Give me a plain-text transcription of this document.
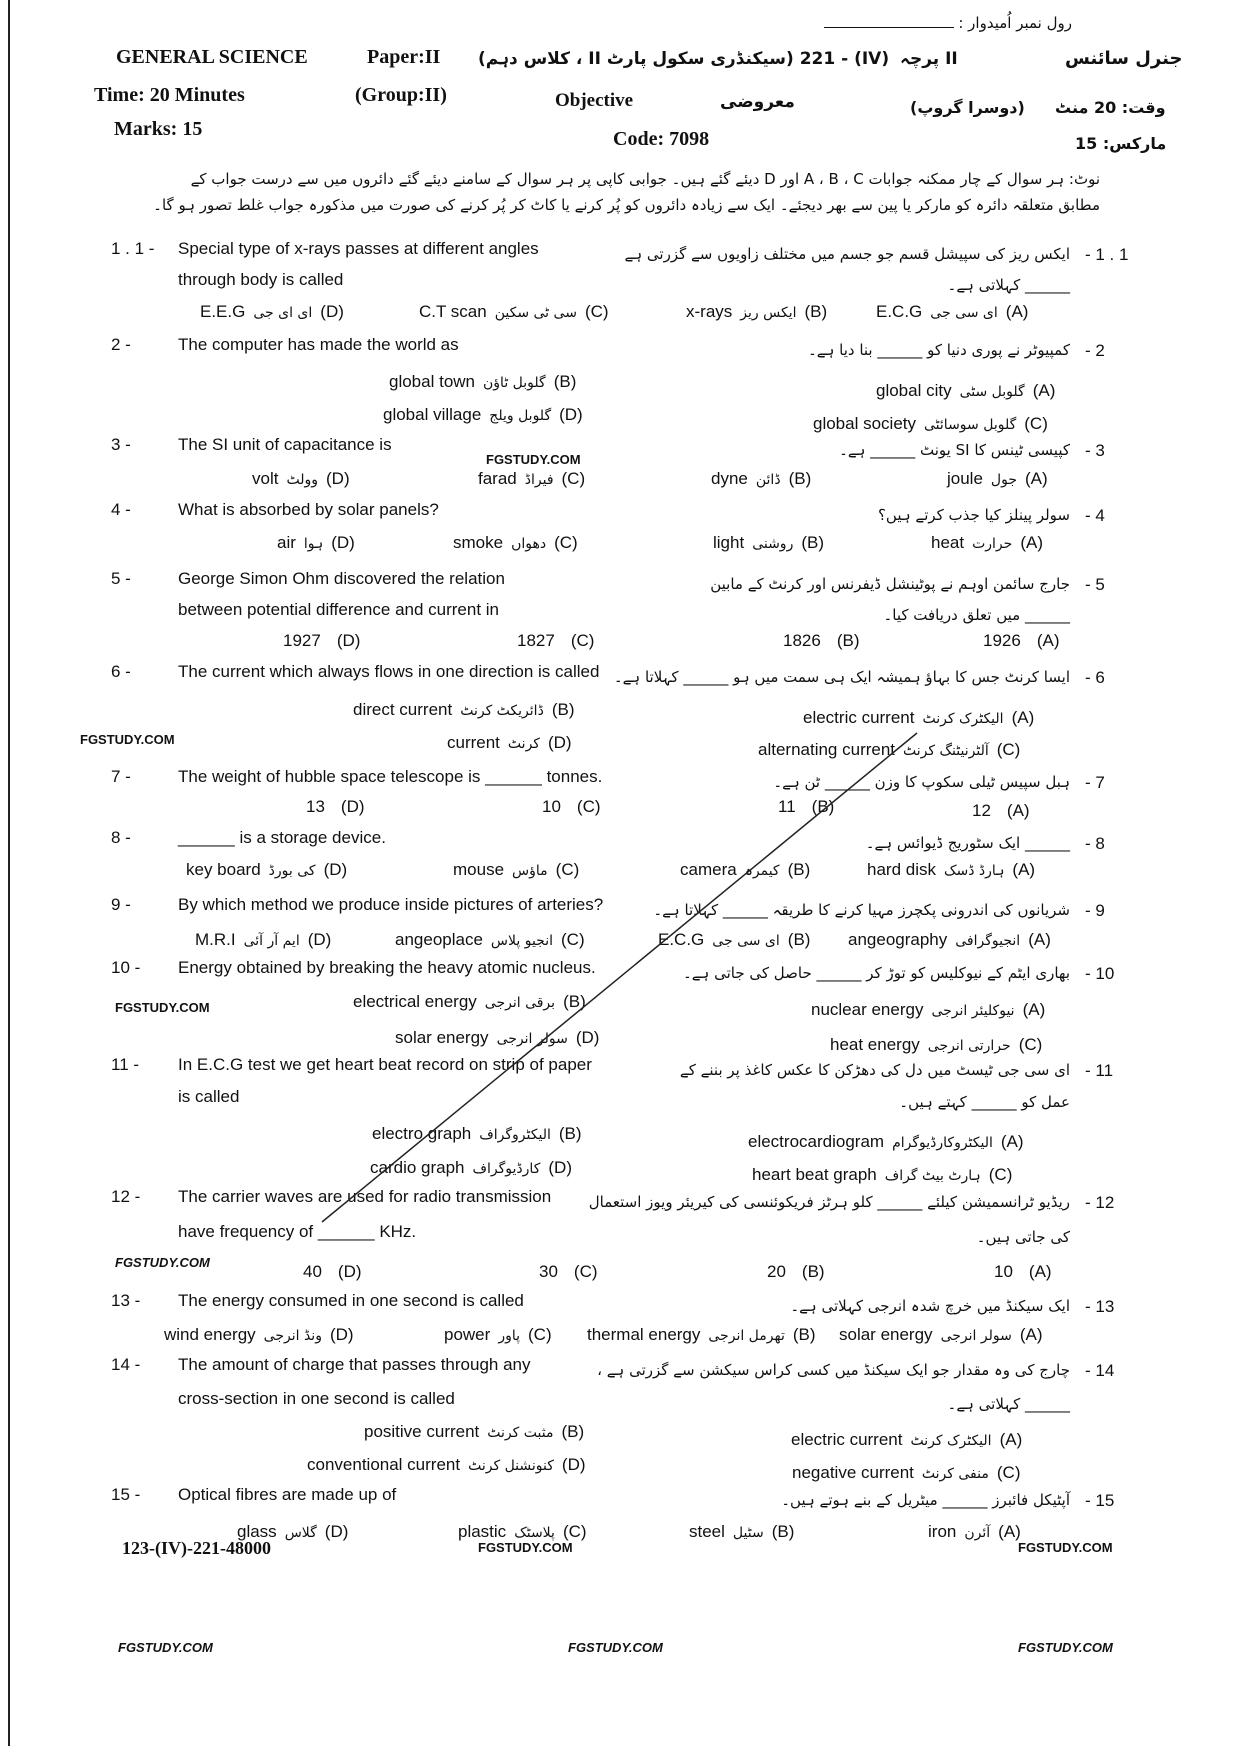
رول نمبر اُمیدوار :
GENERAL SCIENCE	Paper:II (IV) - 221 (سیکنڈری سکول پارٹ II ، کلاس دہم) II پرچہ	جنرل سائنس
Time: 20 Minutes	(Group:II)	Objective	معروضی	(دوسرا گروپ) وقت: 20 منٹ
Marks: 15	Code: 7098	مارکس: 15
نوٹ: ہر سوال کے چار ممکنہ جوابات A ، B ، C اور D دیئے گئے ہیں۔ جوابی کاپی پر ہر سوال کے سامنے دیئے گئے دائروں میں سے درست جواب کے
مطابق متعلقہ دائرہ کو مارکر یا پین سے بھر دیجئے۔ ایک سے زیادہ دائروں کو پُر کرنے یا کاٹ کر پُر کرنے کی صورت میں مذکورہ جواب غلط تصور ہو گا۔
1 . 1 - Special type of x-rays passes at different angles
through body is called
- 1 . 1
ایکس ریز کی سپیشل قسم جو جسم میں مختلف زاویوں سے گزرتی ہے
______ کہلاتی ہے۔
E.E.G ای ای جی (D)	C.T scan سی ٹی سکین (C)	x-rays ایکس ریز (B)	E.C.G ای سی جی (A)
2 -	The computer has made the world as	- 2
کمپیوٹر نے پوری دنیا کو ______ بنا دیا ہے۔
global town گلوبل ٹاؤن (B)
global village گلوبل ویلج (D)
global city گلوبل سٹی (A)
global society گلوبل سوسائٹی (C)
3 -	The SI unit of capacitance is	- 3
کپیسی ٹینس کا SI یونٹ ______ ہے۔
volt وولٹ (D)	farad فیراڈ (C)	dyne ڈائن (B)	joule جول (A)
4 -	What is absorbed by solar panels?	- 4
سولر پینلز کیا جذب کرتے ہیں؟
air ہوا (D)	smoke دھواں (C)	light روشنی (B)	heat حرارت (A)
5 -	George Simon Ohm discovered the relation
between potential difference and current in
- 5
جارج سائمن اوہم نے پوٹینشل ڈیفرنس اور کرنٹ کے مابین
______ میں تعلق دریافت کیا۔
1927 (D)	1827 (C)	1826 (B)	1926 (A)
6 -	The current which always flows in one direction is called	- 6
ایسا کرنٹ جس کا بہاؤ ہمیشہ ایک ہی سمت میں ہو ______ کہلاتا ہے۔
direct current ڈائریکٹ کرنٹ (B)
current کرنٹ (D)
electric current الیکٹرک کرنٹ (A)
alternating current آلٹرنیٹنگ کرنٹ (C)
7 -	The weight of hubble space telescope is ______ tonnes.	- 7
ہبل سپیس ٹیلی سکوپ کا وزن ______ ٹن ہے۔
13 (D)	10 (C)	11 (B)	12 (A)
8 -	______ is a storage device.	- 8
______ ایک سٹوریج ڈیوائس ہے۔
key board کی بورڈ (D)	mouse ماؤس (C)	camera کیمرہ (B)	hard disk ہارڈ ڈسک (A)
9 -	By which method we produce inside pictures of arteries?	- 9
شریانوں کی اندرونی پکچرز مہیا کرنے کا طریقہ ______ کہلاتا ہے۔
M.R.I ایم آر آئی (D)	angeoplace انجیو پلاس (C)	E.C.G ای سی جی (B) angeography انجیوگرافی (A)
10 - Energy obtained by breaking the heavy atomic nucleus.	- 10
بھاری ایٹم کے نیوکلیس کو توڑ کر ______ حاصل کی جاتی ہے۔
electrical energy برقی انرجی (B)
solar energy سولر انرجی (D)
nuclear energy نیوکلیئر انرجی (A)
heat energy حرارتی انرجی (C)
11 - In E.C.G test we get heart beat record on strip of paper
is called
- 11
ای سی جی ٹیسٹ میں دل کی دھڑکن کا عکس کاغذ پر بننے کے
عمل کو ______ کہتے ہیں۔
electro graph الیکٹروگراف (B)
cardio graph کارڈیوگراف (D)
electrocardiogram الیکٹروکارڈیوگرام (A)
heart beat graph ہارٹ بیٹ گراف (C)
12 - The carrier waves are used for radio transmission
have frequency of ______ KHz.
- 12
ریڈیو ٹرانسمیشن کیلئے ______ کلو ہرٹز فریکوئنسی کی کیریئر ویوز استعمال
کی جاتی ہیں۔
40 (D)	30 (C)	20 (B)	10 (A)
13 - The energy consumed in one second is called	- 13
ایک سیکنڈ میں خرچ شدہ انرجی کہلاتی ہے۔
wind energy ونڈ انرجی (D)	power پاور (C) thermal energy تھرمل انرجی (B) solar energy سولر انرجی (A)
14 - The amount of charge that passes through any
cross-section in one second is called
- 14
چارج کی وہ مقدار جو ایک سیکنڈ میں کسی کراس سیکشن سے گزرتی ہے ،
______ کہلاتی ہے۔
positive current مثبت کرنٹ (B)
conventional current کنونشنل کرنٹ (D)
electric current الیکٹرک کرنٹ (A)
negative current منفی کرنٹ (C)
15 - Optical fibres are made up of	- 15
آپٹیکل فائبرز ______ میٹریل کے بنے ہوتے ہیں۔
glass گلاس (D)	plastic پلاسٹک (C)	steel سٹیل (B)	iron آئرن (A)
123-(IV)-221-48000
FGSTUDY.COM	FGSTUDY.COM	FGSTUDY.COM
FGSTUDY.COM
FGSTUDY.COM
FGSTUDY.COM
FGSTUDY.COM
FGSTUDY.COM	FGSTUDY.COM
